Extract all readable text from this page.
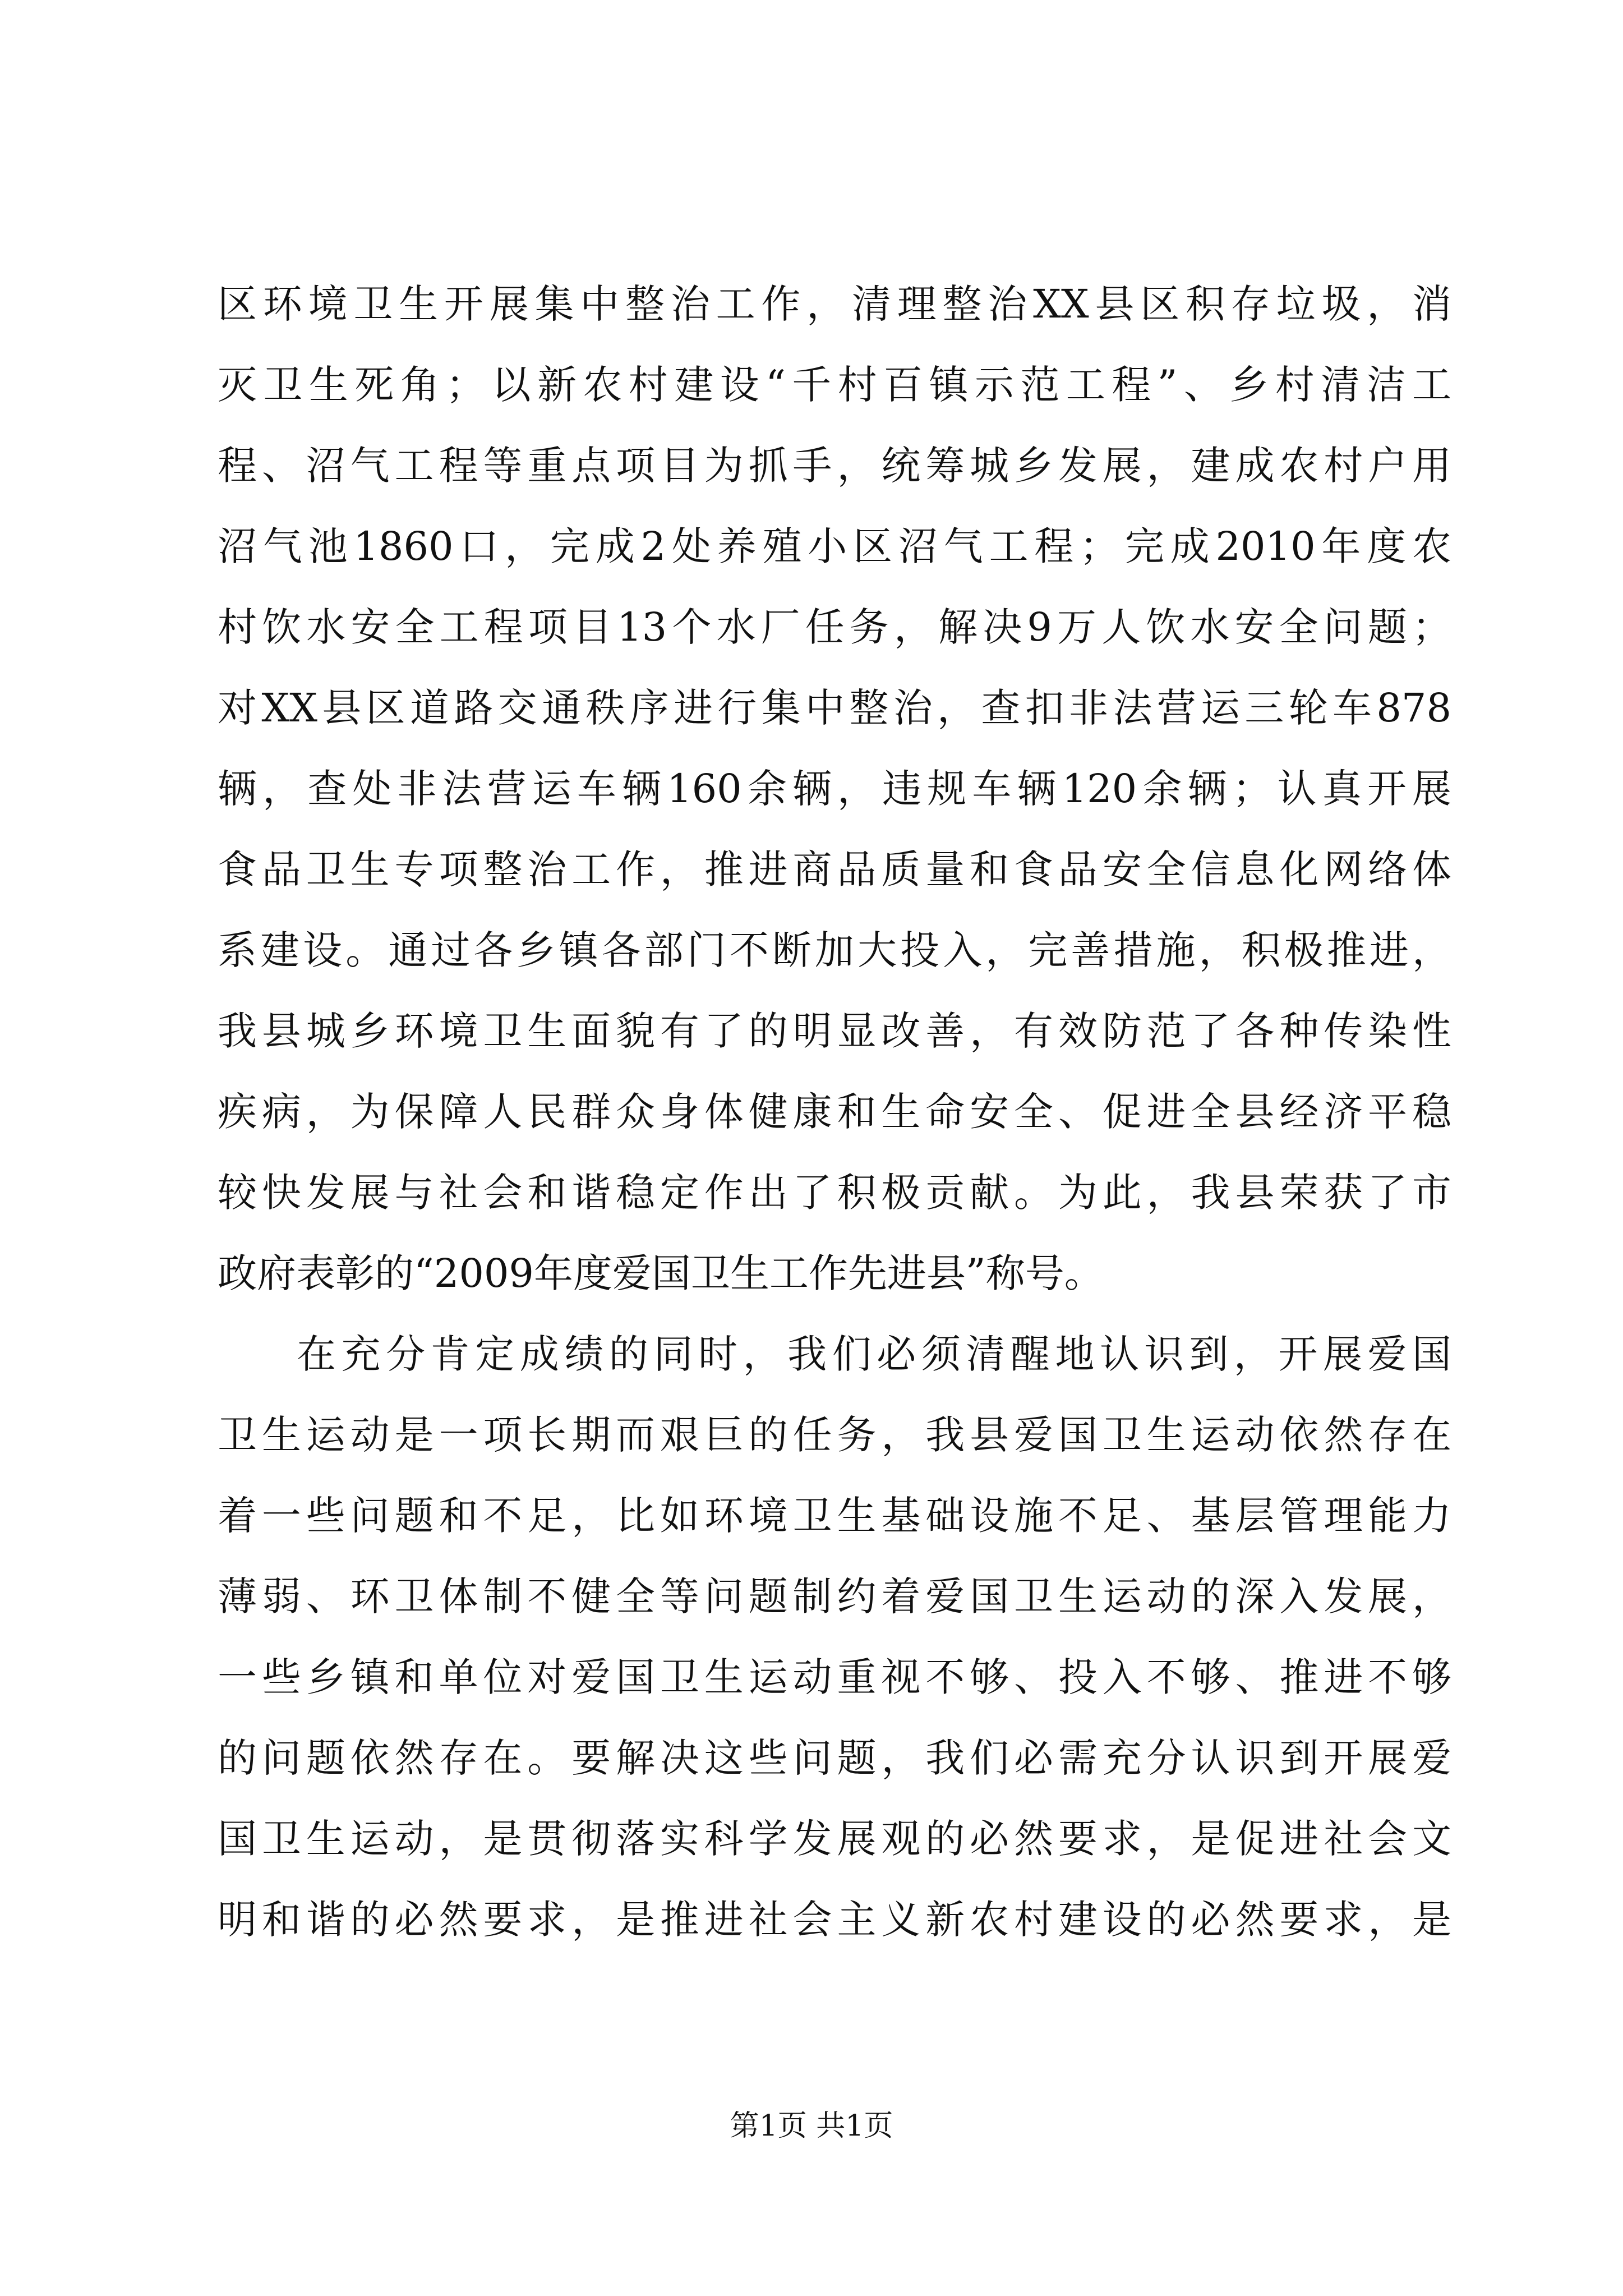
区环境卫生开展集中整治工作，清理整治XX县区积存垃圾，消
灭卫生死角；以新农村建设“千村百镇示范工程”、乡村清洁工
程、沼气工程等重点项目为抓手，统筹城乡发展，建成农村户用
沼气池1860口，完成2处养殖小区沼气工程；完成2010年度农
村饮水安全工程项目13个水厂任务，解决9万人饮水安全问题；
对XX县区道路交通秩序进行集中整治，查扣非法营运三轮车878
辆，查处非法营运车辆160余辆，违规车辆120余辆；认真开展
食品卫生专项整治工作，推进商品质量和食品安全信息化网络体
系建设。通过各乡镇各部门不断加大投入，完善措施，积极推进，
我县城乡环境卫生面貌有了的明显改善，有效防范了各种传染性
疾病，为保障人民群众身体健康和生命安全、促进全县经济平稳
较快发展与社会和谐稳定作出了积极贡献。为此，我县荣获了市
政府表彰的“2009年度爱国卫生工作先进县”称号。
在充分肯定成绩的同时，我们必须清醒地认识到，开展爱国
卫生运动是一项长期而艰巨的任务，我县爱国卫生运动依然存在
着一些问题和不足，比如环境卫生基础设施不足、基层管理能力
薄弱、环卫体制不健全等问题制约着爱国卫生运动的深入发展，
一些乡镇和单位对爱国卫生运动重视不够、投入不够、推进不够
的问题依然存在。要解决这些问题，我们必需充分认识到开展爱
国卫生运动，是贯彻落实科学发展观的必然要求，是促进社会文
明和谐的必然要求，是推进社会主义新农村建设的必然要求，是
第1页 共1页
